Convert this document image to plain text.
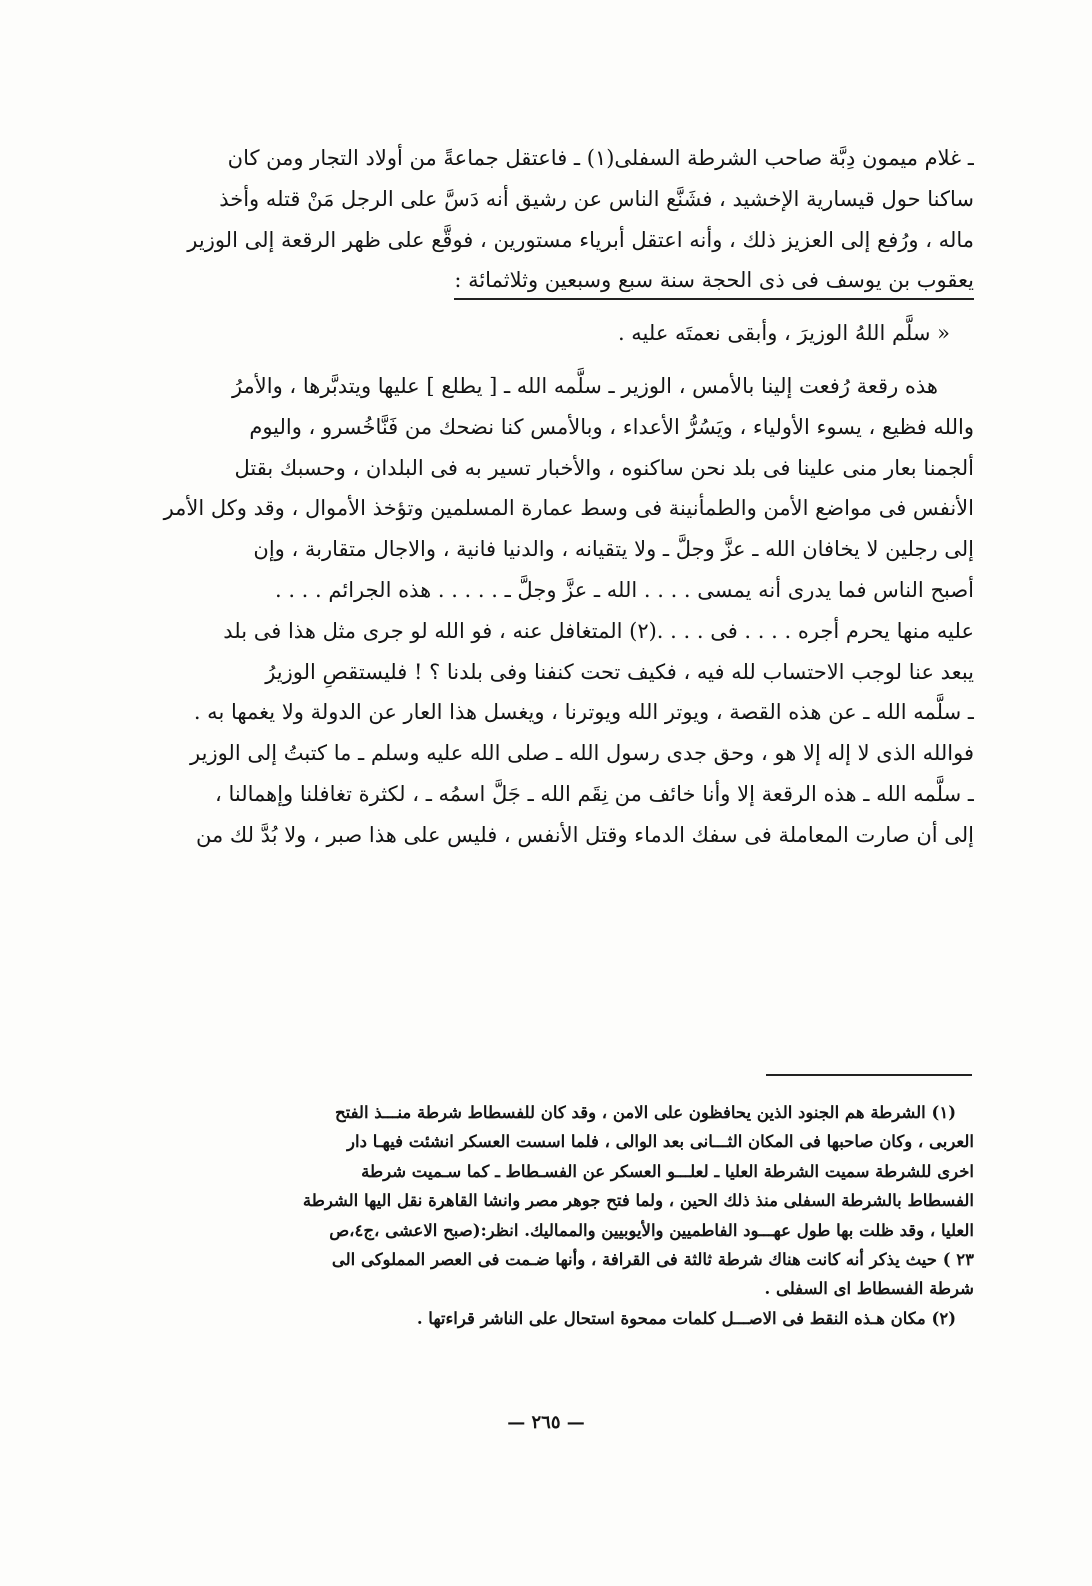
ـ غلام ميمون دِبَّة صاحب الشرطة السفلى(١) ـ فاعتقل جماعةً من أولاد التجار ومن كان
ساكنا حول قيسارية الإخشيد ، فشَنَّع الناس عن رشيق أنه دَسَّ على الرجل مَنْ قتله وأخذ
ماله ، ورُفع إلى العزيز ذلك ، وأنه اعتقل أبرياء مستورين ، فوقَّع على ظهر الرقعة إلى الوزير
يعقوب بن يوسف فى ذى الحجة سنة سبع وسبعين وثلاثمائة :
« سلَّم اللهُ الوزيرَ ، وأبقى نعمتَه عليه .
هذه رقعة رُفعت إلينا بالأمس ، الوزير ـ سلَّمه الله ـ [ يطلع ] عليها ويتدبَّرها ، والأمرُ
والله فظيع ، يسوء الأولياء ، ويَسُرُّ الأعداء ، وبالأمس كنا نضحك من فَنَّاخُسرو ، واليوم
ألجمنا بعار منى علينا فى بلد نحن ساكنوه ، والأخبار تسير به فى البلدان ، وحسبك بقتل
الأنفس فى مواضع الأمن والطمأنينة فى وسط عمارة المسلمين وتؤخذ الأموال ، وقد وكل الأمر
إلى رجلين لا يخافان الله ـ عزَّ وجلَّ ـ ولا يتقيانه ، والدنيا فانية ، والاجال متقاربة ، وإن
أصبح الناس فما يدرى أنه يمسى . . . . الله ـ عزَّ وجلَّ ـ . . . . . هذه الجرائم . . . .
عليه منها يحرم أجره . . . . فى . . . .(٢) المتغافل عنه ، فو الله لو جرى مثل هذا فى بلد
يبعد عنا لوجب الاحتساب لله فيه ، فكيف تحت كنفنا وفى بلدنا ؟ ! فليستقصِ الوزيرُ
ـ سلَّمه الله ـ عن هذه القصة ، ويوتر الله ويوترنا ، ويغسل هذا العار عن الدولة ولا يغمها به .
فوالله الذى لا إله إلا هو ، وحق جدى رسول الله ـ صلى الله عليه وسلم ـ ما كتبتُ إلى الوزير
ـ سلَّمه الله ـ هذه الرقعة إلا وأنا خائف من نِقَم الله ـ جَلَّ اسمُه ـ ، لكثرة تغافلنا وإهمالنا ،
إلى أن صارت المعاملة فى سفك الدماء وقتل الأنفس ، فليس على هذا صبر ، ولا بُدَّ لك من
(١) الشرطة هم الجنود الذين يحافظون على الامن ، وقد كان للفسطاط شرطة منـــذ الفتح
العربى ، وكان صاحبها فى المكان الثـــانى بعد الوالى ، فلما اسست العسكر انشئت فيهـا دار
اخرى للشرطة سميت الشرطة العليا ـ لعلـــو العسكر عن الفسـطاط ـ كما سـميت شرطة
الفسطاط بالشرطة السفلى منذ ذلك الحين ، ولما فتح جوهر مصر وانشا القاهرة نقل اليها الشرطة
العليا ، وقد ظلت بها طول عهـــود الفاطميين والأيوبيين والمماليك. انظر:(صبح الاعشى ،ج٤،ص
٢٣ ) حيث يذكر أنه كانت هناك شرطة ثالثة فى القرافة ، وأنها ضـمت فى العصر المملوكى الى
شرطة الفسطاط اى السفلى .
(٢) مكان هـذه النقط فى الاصـــل كلمات ممحوة استحال على الناشر قراءتها .
— ٢٦٥ —
